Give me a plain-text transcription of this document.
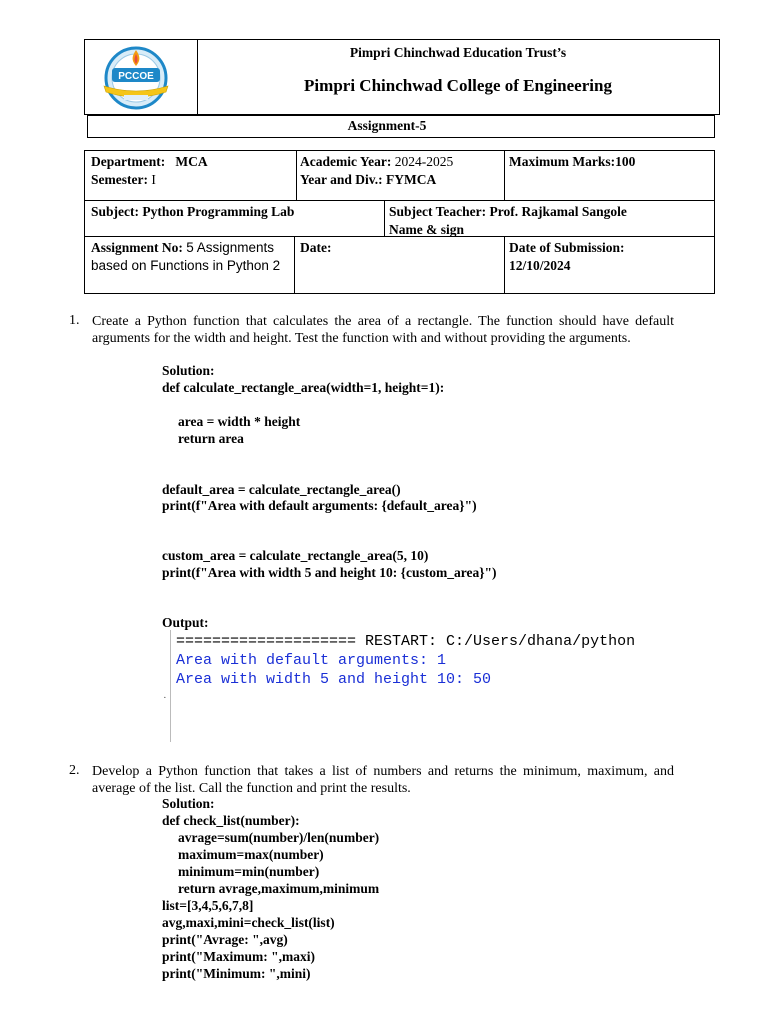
PCCOE
Pimpri Chinchwad Education Trust’s
Pimpri Chinchwad College of Engineering
Assignment-5
Department: MCA
Semester: I
Academic Year: 2024-2025
Year and Div.: FYMCA
Maximum Marks:100
Subject: Python Programming Lab	Subject Teacher: Prof. Rajkamal Sangole
Name & sign
Assignment No: 5 Assignments based on Functions in Python 2
Date:	Date of Submission:
12/10/2024
1. Create a Python function that calculates the area of a rectangle. The function should have default arguments for the width and height. Test the function with and without providing the arguments.
Solution:
def calculate_rectangle_area(width=1, height=1):
area = width * height
return area
default_area = calculate_rectangle_area()
print(f"Area with default arguments: {default_area}")
custom_area = calculate_rectangle_area(5, 10)
print(f"Area with width 5 and height 10: {custom_area}")
Output:
·
==================== RESTART: C:/Users/dhana/python
Area with default arguments: 1
Area with width 5 and height 10: 50
2. Develop a Python function that takes a list of numbers and returns the minimum, maximum, and average of the list. Call the function and print the results.
Solution:
def check_list(number):
avrage=sum(number)/len(number)
maximum=max(number)
minimum=min(number)
return avrage,maximum,minimum
list=[3,4,5,6,7,8]
avg,maxi,mini=check_list(list)
print("Avrage: ",avg)
print("Maximum: ",maxi)
print("Minimum: ",mini)
